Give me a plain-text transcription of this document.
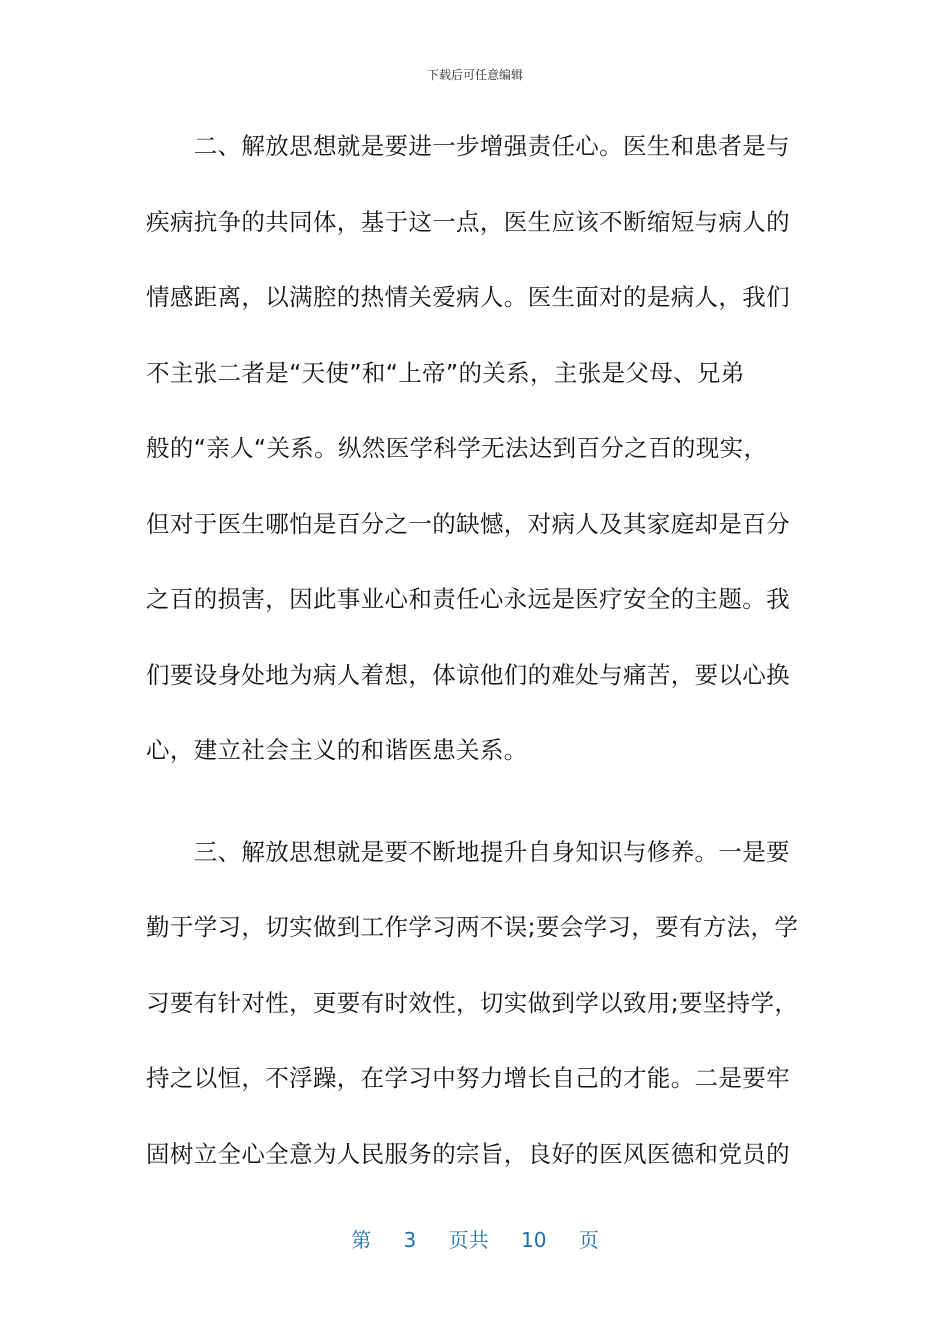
下载后可任意编辑
　　二、解放思想就是要进一步增强责任心。医生和患者是与
疾病抗争的共同体，基于这一点，医生应该不断缩短与病人的
情感距离，以满腔的热情关爱病人。医生面对的是病人，我们
不主张二者是“天使”和“上帝”的关系，主张是父母、兄弟
般的“亲人“关系。纵然医学科学无法达到百分之百的现实，
但对于医生哪怕是百分之一的缺憾，对病人及其家庭却是百分
之百的损害，因此事业心和责任心永远是医疗安全的主题。我
们要设身处地为病人着想，体谅他们的难处与痛苦，要以心换
心，建立社会主义的和谐医患关系。
　　三、解放思想就是要不断地提升自身知识与修养。一是要
勤于学习，切实做到工作学习两不误;要会学习，要有方法，学
习要有针对性，更要有时效性，切实做到学以致用;要坚持学，
持之以恒，不浮躁，在学习中努力增长自己的才能。二是要牢
固树立全心全意为人民服务的宗旨，良好的医风医德和党员的
第 3 页共 10 页
